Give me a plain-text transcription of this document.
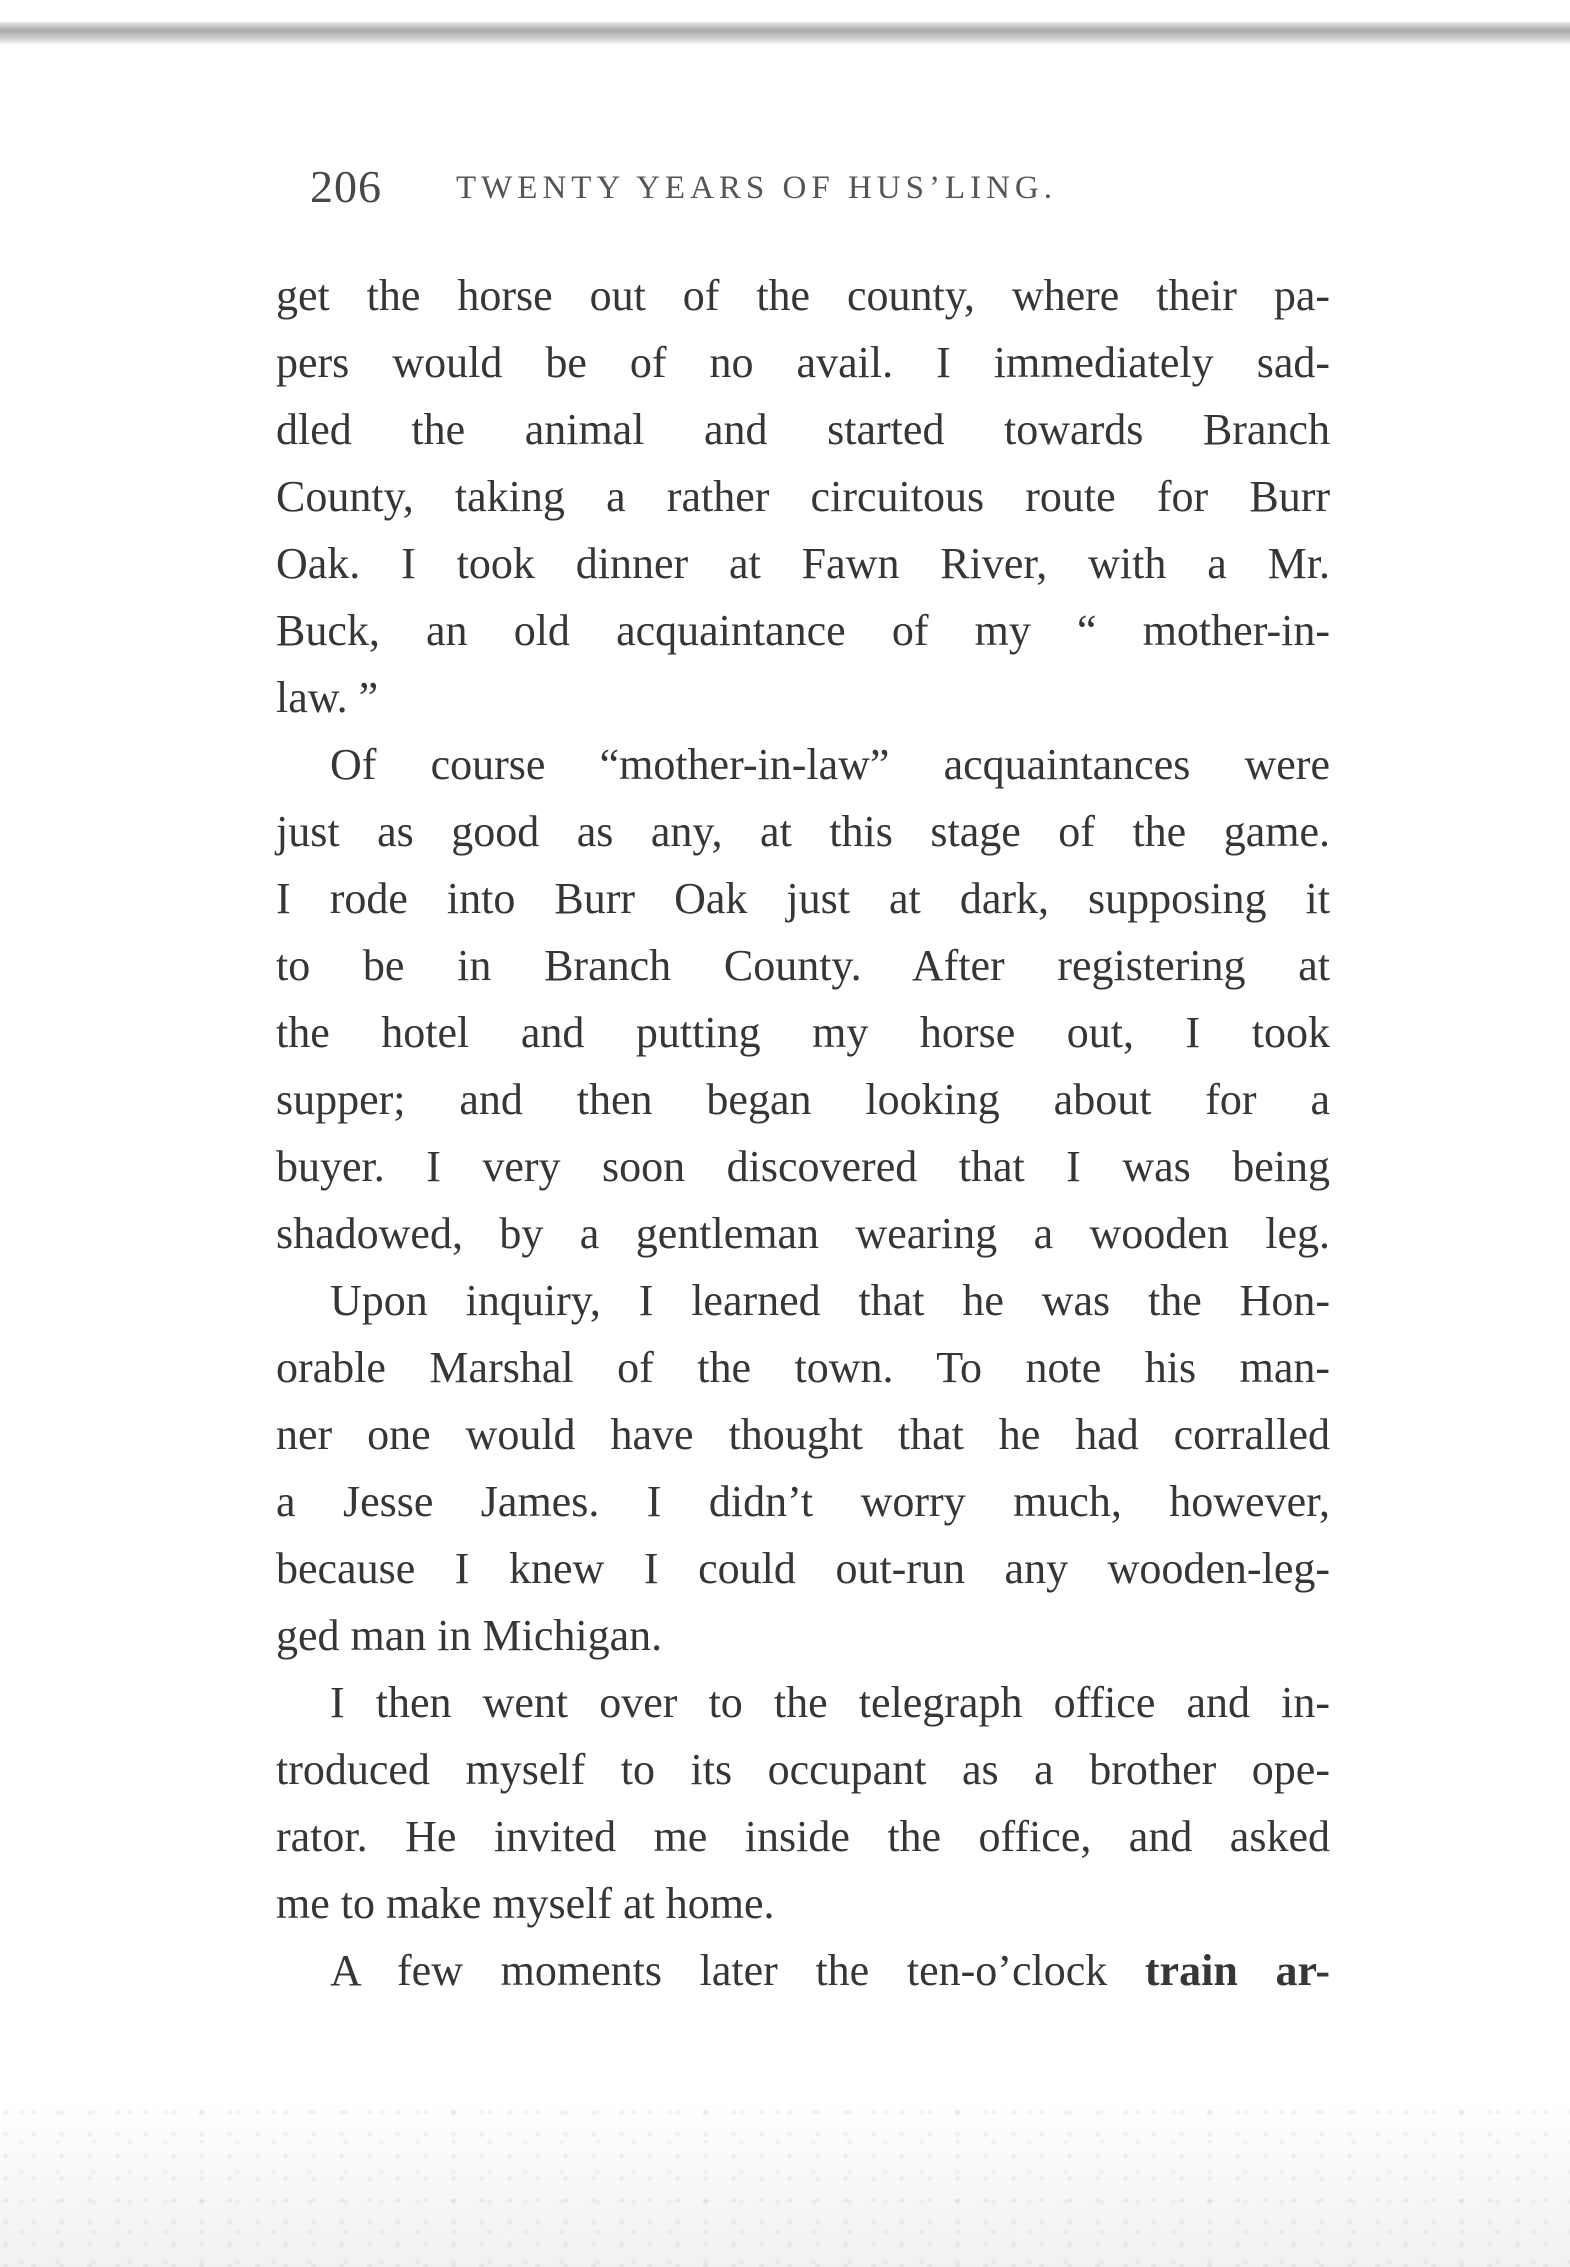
206 TWENTY YEARS OF HUS’LING.
get the horse out of the county, where their pa-
pers would be of no avail. I immediately sad-
dled the animal and started towards Branch
County, taking a rather circuitous route for Burr
Oak. I took dinner at Fawn River, with a Mr.
Buck, an old acquaintance of my “ mother-in-
law. ”
Of course “mother-in-law” acquaintances were
just as good as any, at this stage of the game.
I rode into Burr Oak just at dark, supposing it
to be in Branch County. After registering at
the hotel and putting my horse out, I took
supper; and then began looking about for a
buyer. I very soon discovered that I was being
shadowed, by a gentleman wearing a wooden leg.
Upon inquiry, I learned that he was the Hon-
orable Marshal of the town. To note his man-
ner one would have thought that he had corralled
a Jesse James. I didn’t worry much, however,
because I knew I could out-run any wooden-leg-
ged man in Michigan.
I then went over to the telegraph office and in-
troduced myself to its occupant as a brother ope-
rator. He invited me inside the office, and asked
me to make myself at home.
A few moments later the ten-o’clock train ar-
